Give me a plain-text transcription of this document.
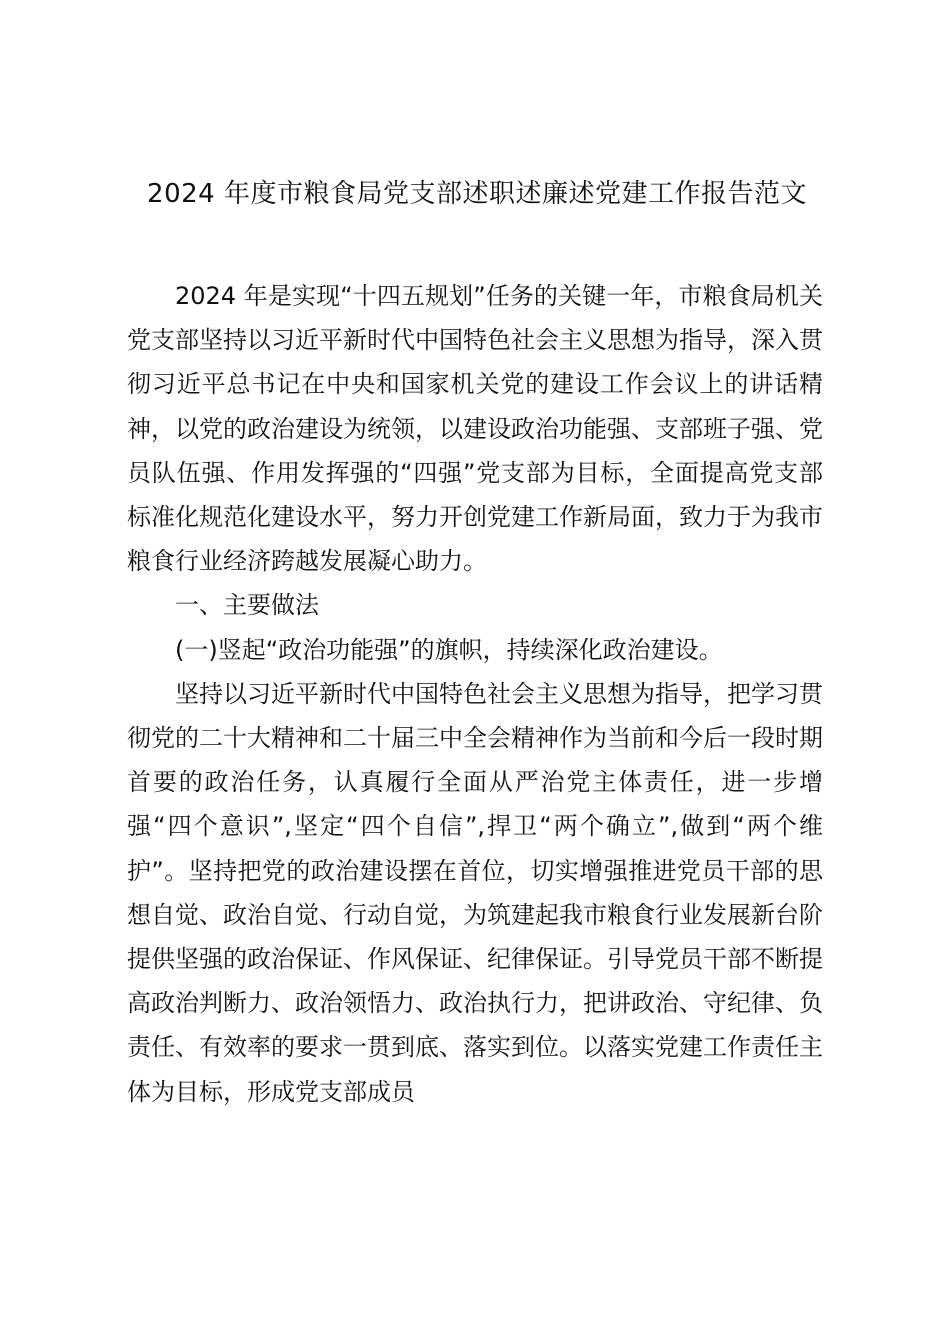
2024 年度市粮食局党支部述职述廉述党建工作报告范文

2024 年是实现“十四五规划”任务的关键一年，市粮食局机关党支部坚持以习近平新时代中国特色社会主义思想为指导，深入贯彻习近平总书记在中央和国家机关党的建设工作会议上的讲话精神，以党的政治建设为统领，以建设政治功能强、支部班子强、党员队伍强、作用发挥强的“四强”党支部为目标，全面提高党支部标准化规范化建设水平，努力开创党建工作新局面，致力于为我市粮食行业经济跨越发展凝心助力。

一、主要做法

(一)竖起“政治功能强”的旗帜，持续深化政治建设。

坚持以习近平新时代中国特色社会主义思想为指导，把学习贯彻党的二十大精神和二十届三中全会精神作为当前和今后一段时期首要的政治任务，认真履行全面从严治党主体责任，进一步增强“四个意识”,坚定“四个自信”,捍卫“两个确立”,做到“两个维护”。坚持把党的政治建设摆在首位，切实增强推进党员干部的思想自觉、政治自觉、行动自觉，为筑建起我市粮食行业发展新台阶提供坚强的政治保证、作风保证、纪律保证。引导党员干部不断提高政治判断力、政治领悟力、政治执行力，把讲政治、守纪律、负责任、有效率的要求一贯到底、落实到位。以落实党建工作责任主体为目标，形成党支部成员
